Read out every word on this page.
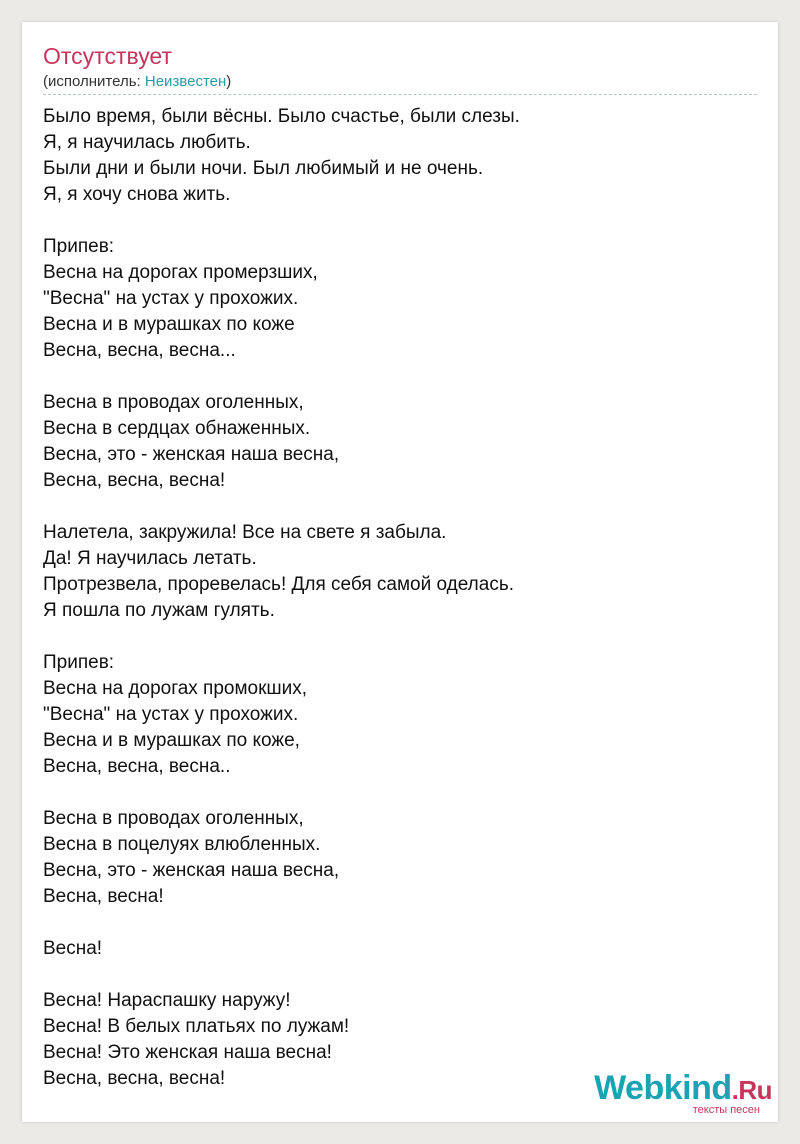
Отсутствует
(исполнитель: Неизвестен)
Было время, были вёсны. Было счастье, были слезы.
Я, я научилась любить.
Были дни и были ночи. Был любимый и не очень.
Я, я хочу снова жить.
Припев:
Весна на дорогах промерзших,
"Весна" на устах у прохожих.
Весна и в мурашках по коже
Весна, весна, весна...
Весна в проводах оголенных,
Весна в сердцах обнаженных.
Весна, это - женская наша весна,
Весна, весна, весна!
Налетела, закружила! Все на свете я забыла.
Да! Я научилась летать.
Протрезвела, проревелась! Для себя самой оделась.
Я пошла по лужам гулять.
Припев:
Весна на дорогах промокших,
"Весна" на устах у прохожих.
Весна и в мурашках по коже,
Весна, весна, весна..
Весна в проводах оголенных,
Весна в поцелуях влюбленных.
Весна, это - женская наша весна,
Весна, весна!
Весна!
Весна! Нараспашку наружу!
Весна! В белых платьях по лужам!
Весна! Это женская наша весна!
Весна, весна, весна!	Webkind.Ru
тексты песен
